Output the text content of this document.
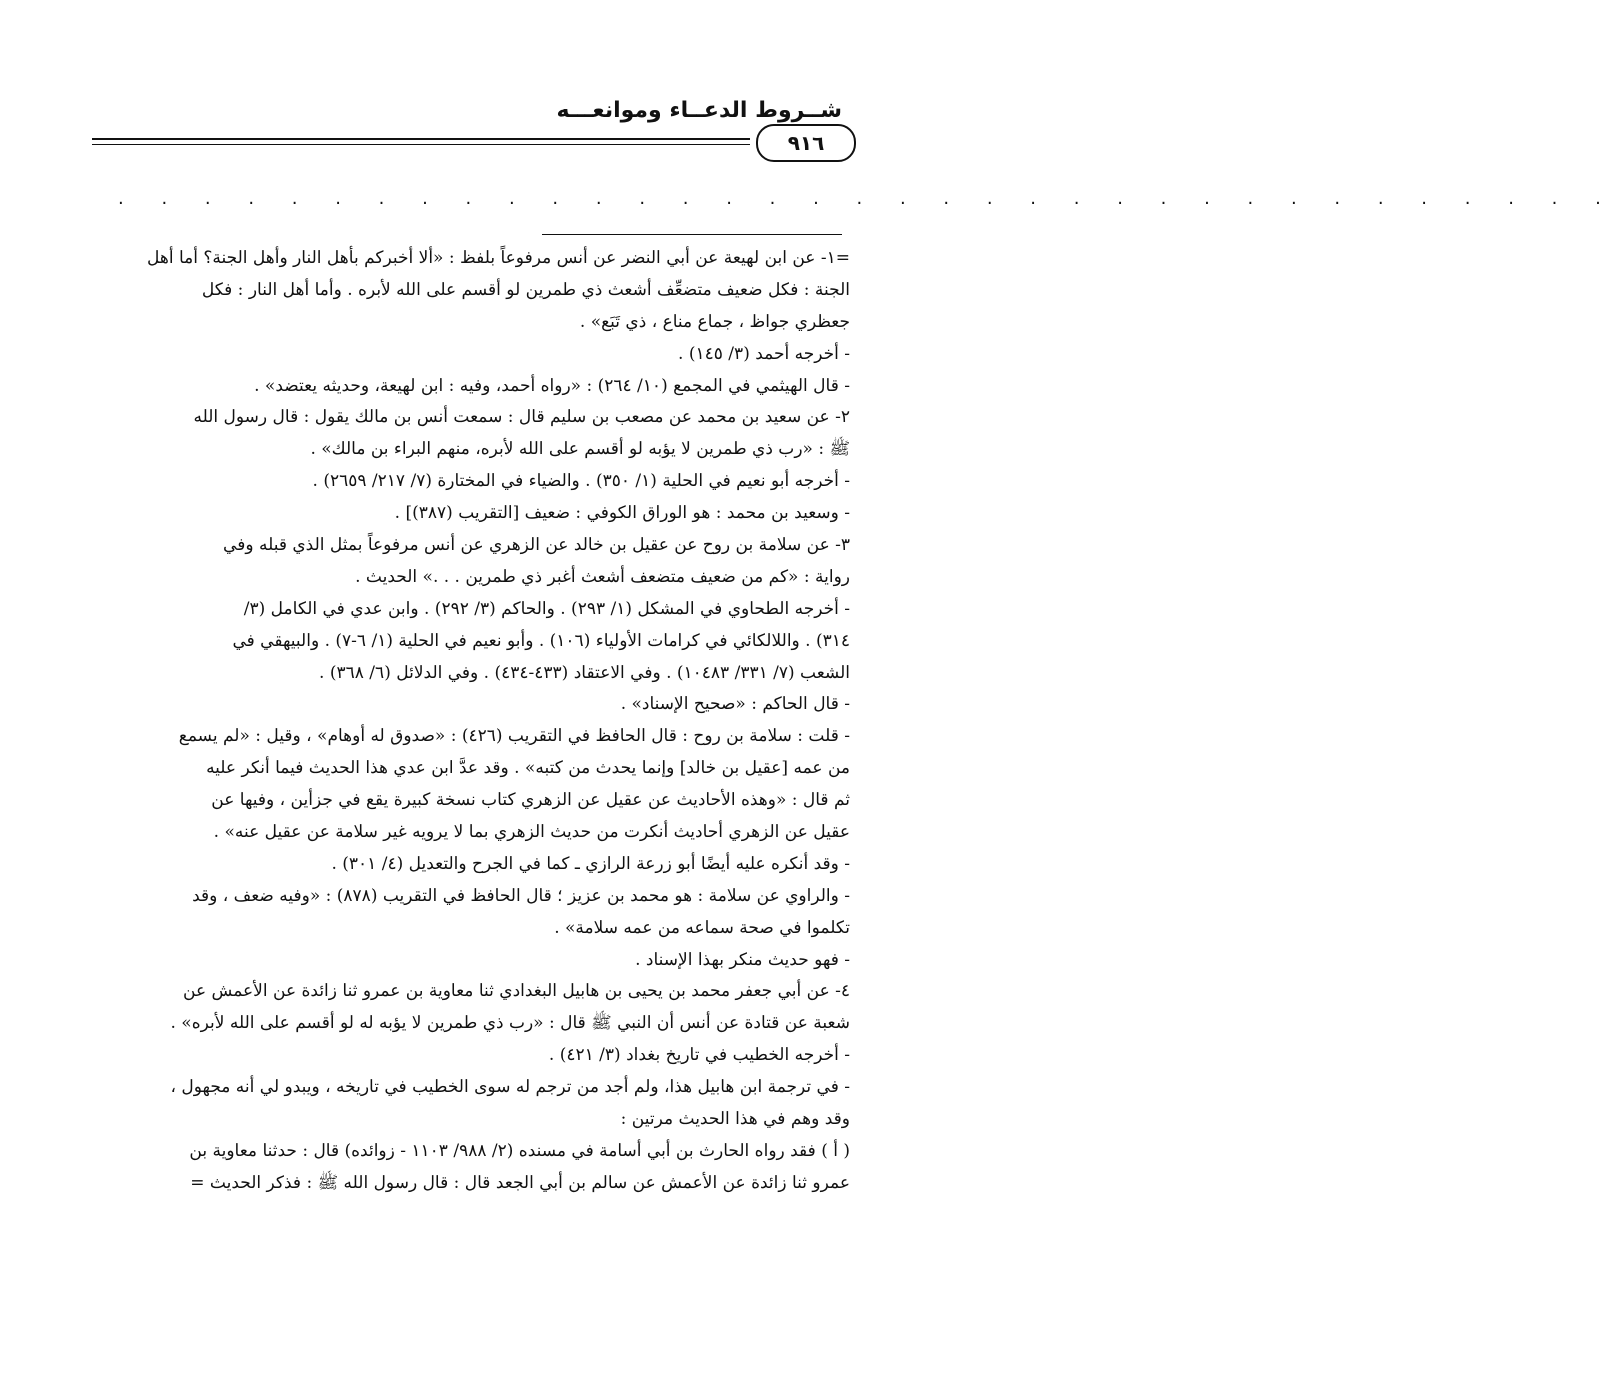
شــروط الدعــاء وموانعـــه
٩١٦
. . . . . . . . . . . . . . . . . . . . . . . . . . . . . . . . . . .
=١- عن ابن لهيعة عن أبي النضر عن أنس مرفوعاً بلفظ : «ألا أخبركم بأهل النار وأهل الجنة؟ أما أهل
الجنة : فكل ضعيف متضعِّف أشعث ذي طمرين لو أقسم على الله لأبره . وأما أهل النار : فكل
جعظري جواظ ، جماع مناع ، ذي تَبَع» .
- أخرجه أحمد (٣/ ١٤٥) .
- قال الهيثمي في المجمع (١٠/ ٢٦٤) : «رواه أحمد، وفيه : ابن لهيعة، وحديثه يعتضد» .
٢- عن سعيد بن محمد عن مصعب بن سليم قال : سمعت أنس بن مالك يقول : قال رسول الله
ﷺ : «رب ذي طمرين لا يؤبه لو أقسم على الله لأبره، منهم البراء بن مالك» .
- أخرجه أبو نعيم في الحلية (١/ ٣٥٠) . والضياء في المختارة (٧/ ٢١٧/ ٢٦٥٩) .
- وسعيد بن محمد : هو الوراق الكوفي : ضعيف [التقريب (٣٨٧)] .
٣- عن سلامة بن روح عن عقيل بن خالد عن الزهري عن أنس مرفوعاً بمثل الذي قبله وفي
رواية : «كم من ضعيف متضعف أشعث أغبر ذي طمرين . . .» الحديث .
- أخرجه الطحاوي في المشكل (١/ ٢٩٣) . والحاكم (٣/ ٢٩٢) . وابن عدي في الكامل (٣/
٣١٤) . واللالكائي في كرامات الأولياء (١٠٦) . وأبو نعيم في الحلية (١/ ٦-٧) . والبيهقي في
الشعب (٧/ ٣٣١/ ١٠٤٨٣) . وفي الاعتقاد (٤٣٣-٤٣٤) . وفي الدلائل (٦/ ٣٦٨) .
- قال الحاكم : «صحيح الإسناد» .
- قلت : سلامة بن روح : قال الحافظ في التقريب (٤٢٦) : «صدوق له أوهام» ، وقيل : «لم يسمع
من عمه [عقيل بن خالد] وإنما يحدث من كتبه» . وقد عدَّ ابن عدي هذا الحديث فيما أنكر عليه
ثم قال : «وهذه الأحاديث عن عقيل عن الزهري كتاب نسخة كبيرة يقع في جزأين ، وفيها عن
عقيل عن الزهري أحاديث أنكرت من حديث الزهري بما لا يرويه غير سلامة عن عقيل عنه» .
- وقد أنكره عليه أيضًا أبو زرعة الرازي ـ كما في الجرح والتعديل (٤/ ٣٠١) .
- والراوي عن سلامة : هو محمد بن عزيز ؛ قال الحافظ في التقريب (٨٧٨) : «وفيه ضعف ، وقد
تكلموا في صحة سماعه من عمه سلامة» .
- فهو حديث منكر بهذا الإسناد .
٤- عن أبي جعفر محمد بن يحيى بن هابيل البغدادي ثنا معاوية بن عمرو ثنا زائدة عن الأعمش عن
شعبة عن قتادة عن أنس أن النبي ﷺ قال : «رب ذي طمرين لا يؤبه له لو أقسم على الله لأبره» .
- أخرجه الخطيب في تاريخ بغداد (٣/ ٤٢١) .
- في ترجمة ابن هابيل هذا، ولم أجد من ترجم له سوى الخطيب في تاريخه ، ويبدو لي أنه مجهول ،
وقد وهم في هذا الحديث مرتين :
( أ ) فقد رواه الحارث بن أبي أسامة في مسنده (٢/ ٩٨٨/ ١١٠٣ - زوائده) قال : حدثنا معاوية بن
عمرو ثنا زائدة عن الأعمش عن سالم بن أبي الجعد قال : قال رسول الله ﷺ : فذكر الحديث =
